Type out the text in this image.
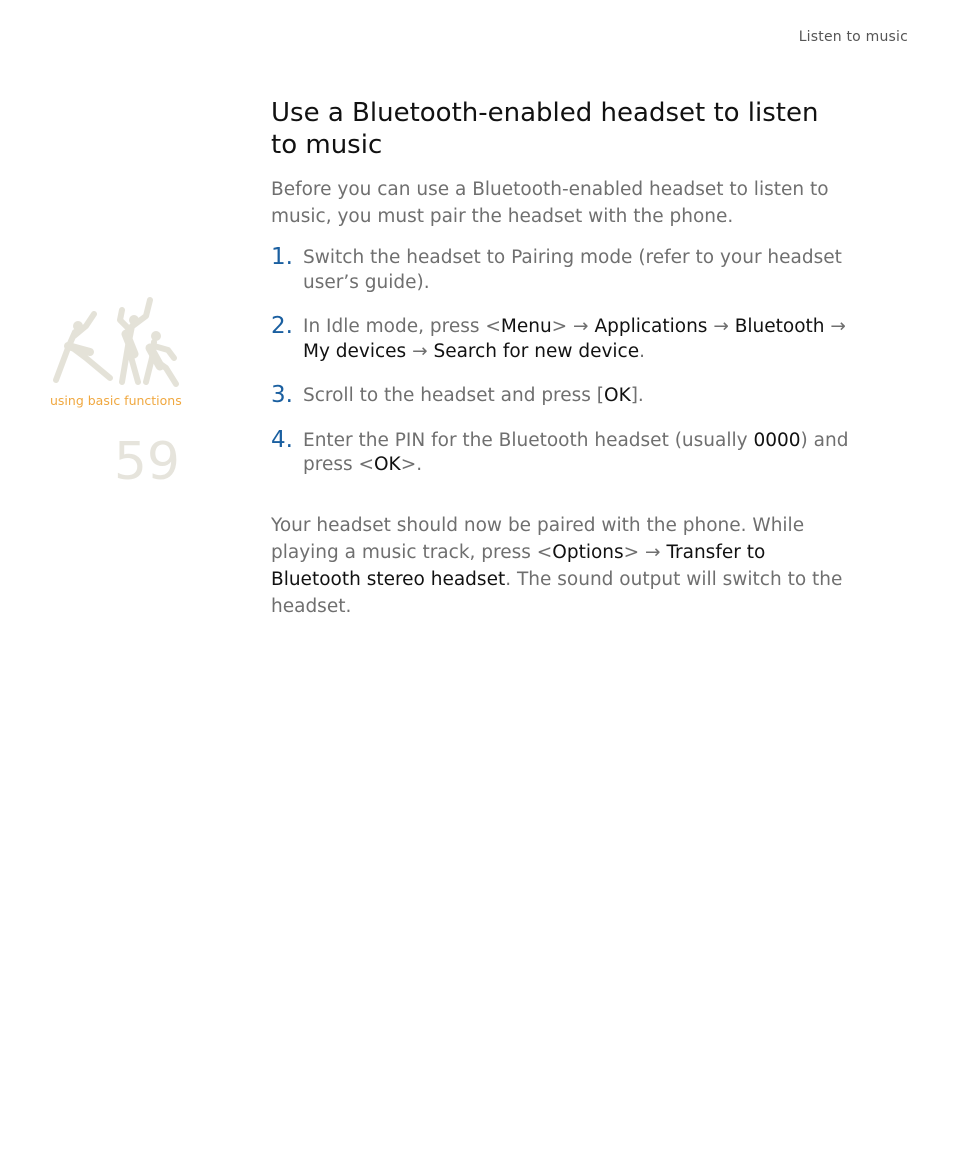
Listen to music
using basic functions
59
Use a Bluetooth-enabled headset to listen to music

Before you can use a Bluetooth-enabled headset to listen to music, you must pair the headset with the phone.

1. Switch the headset to Pairing mode (refer to your headset user’s guide).
2. In Idle mode, press <Menu> → Applications → Bluetooth → My devices → Search for new device.
3. Scroll to the headset and press [OK].
4. Enter the PIN for the Bluetooth headset (usually 0000) and press <OK>.

Your headset should now be paired with the phone. While playing a music track, press <Options> → Transfer to Bluetooth stereo headset. The sound output will switch to the headset.
